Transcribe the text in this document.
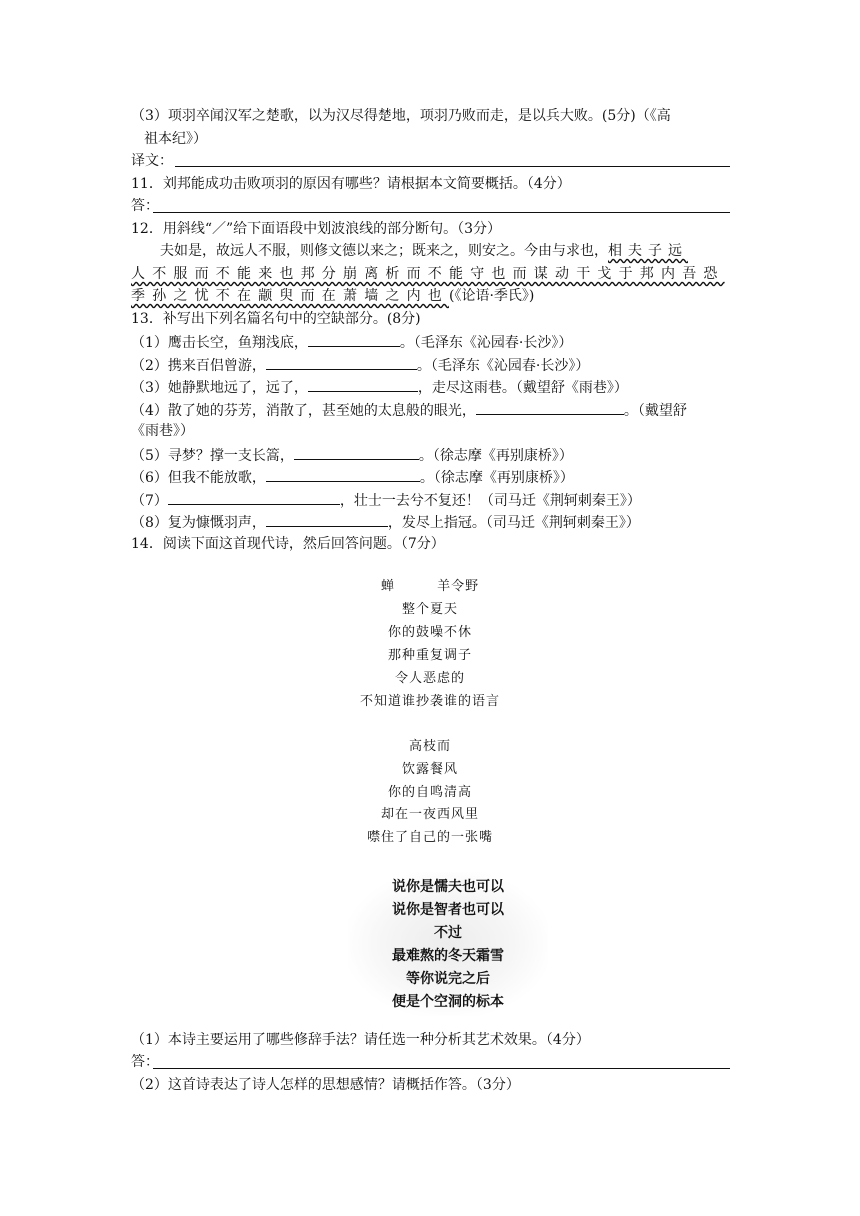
（3）项羽卒闻汉军之楚歌，以为汉尽得楚地，项羽乃败而走，是以兵大败。(5分)（《高
祖本纪》）
译文：
11．刘邦能成功击败项羽的原因有哪些？请根据本文简要概括。（4分）
答：
12．用斜线“／”给下面语段中划波浪线的部分断句。（3分）
夫如是，故远人不服，则修文德以来之；既来之，则安之。今由与求也，相夫子远
人不服而不能来也邦分崩离析而不能守也而谋动干戈于邦内吾恐
季孙之忧不在颛臾而在萧墙之内也(《论语·季氏》)
13．补写出下列名篇名句中的空缺部分。(8分)
（1）鹰击长空，鱼翔浅底，	。（毛泽东《沁园春·长沙》）
（2）携来百侣曾游，	。（毛泽东《沁园春·长沙》）
（3）她静默地远了，远了，	，走尽这雨巷。（戴望舒《雨巷》）
（4）散了她的芬芳，消散了，甚至她的太息般的眼光，	。（戴望舒
《雨巷》）
（5）寻梦？撑一支长篙，	。（徐志摩《再别康桥》）
（6）但我不能放歌，	。（徐志摩《再别康桥》）
（7）	，壮士一去兮不复还！（司马迁《荆轲刺秦王》）
（8）复为慷慨羽声，	，发尽上指冠。（司马迁《荆轲刺秦王》）
14．阅读下面这首现代诗，然后回答问题。（7分）
蝉	羊令野
整个夏天
你的鼓噪不休
那种重复调子
令人恶虑的
不知道谁抄袭谁的语言
高枝而
饮露餐风
你的自鸣清高
却在一夜西风里
噤住了自己的一张嘴
说你是懦夫也可以
说你是智者也可以
不过
最难熬的冬天霜雪
等你说完之后
便是个空洞的标本
（1）本诗主要运用了哪些修辞手法？请任选一种分析其艺术效果。（4分）
答：
（2）这首诗表达了诗人怎样的思想感情？请概括作答。（3分）
